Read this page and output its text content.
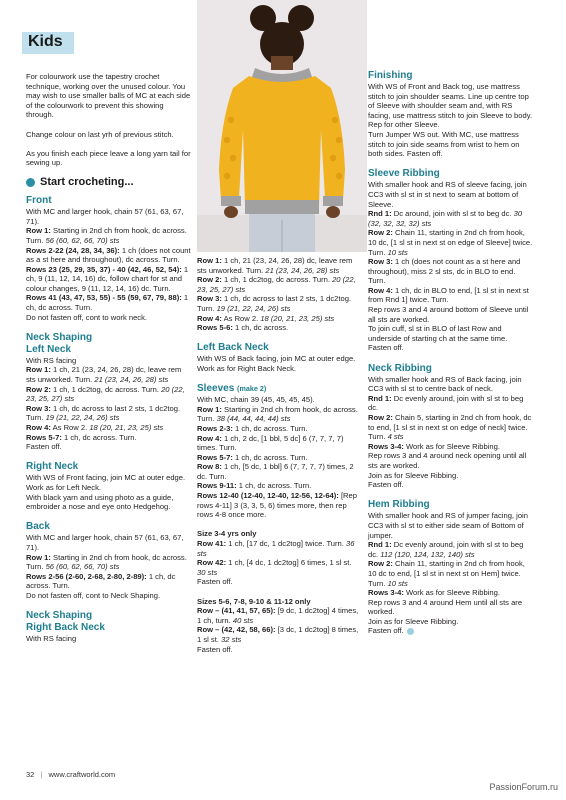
Kids

For colourwork use the tapestry crochet technique, working over the unused colour. You may wish to use smaller balls of MC at each side of the colourwork to prevent this showing through.

Change colour on last yrh of previous stitch.

As you finish each piece leave a long yarn tail for sewing up.

Start crocheting...
Front

With MC and larger hook, chain 57 (61, 63, 67, 71).

Row 1: Starting in 2nd ch from hook, dc across. Turn. 56 (60, 62, 66, 70) sts

Rows 2-22 (24, 28, 34, 36): 1 ch (does not count as a st here and throughout), dc across. Turn.

Rows 23 (25, 29, 35, 37) - 40 (42, 46, 52, 54): 1 ch, 9 (11, 12, 14, 16) dc, follow chart for st and colour changes, 9 (11, 12, 14, 16) dc. Turn.

Rows 41 (43, 47, 53, 55) - 55 (59, 67, 79, 88): 1 ch, dc across. Turn.

Do not fasten off, cont to work neck.

Neck Shaping
Left Neck

With RS facing

Row 1: 1 ch, 21 (23, 24, 26, 28) dc, leave rem sts unworked. Turn. 21 (23, 24, 26, 28) sts

Row 2: 1 ch, 1 dc2tog, dc across. Turn. 20 (22, 23, 25, 27) sts

Row 3: 1 ch, dc across to last 2 sts, 1 dc2tog. Turn. 19 (21, 22, 24, 26) sts

Row 4: As Row 2. 18 (20, 21, 23, 25) sts

Rows 5-7: 1 ch, dc across. Turn.

Fasten off.

Right Neck

With WS of Front facing, join MC at outer edge. Work as for Left Neck.

With black yarn and using photo as a guide, embroider a nose and eye onto Hedgehog.

Back

With MC and larger hook, chain 57 (61, 63, 67, 71).

Row 1: Starting in 2nd ch from hook, dc across. Turn. 56 (60, 62, 66, 70) sts

Rows 2-56 (2-60, 2-68, 2-80, 2-89): 1 ch, dc across. Turn.

Do not fasten off, cont to Neck Shaping.

Neck Shaping
Right Back Neck

With RS facing

Row 1: 1 ch, 21 (23, 24, 26, 28) dc, leave rem sts unworked. Turn. 21 (23, 24, 26, 28) sts

Row 2: 1 ch, 1 dc2tog, dc across. Turn. 20 (22, 23, 25, 27) sts

Row 3: 1 ch, dc across to last 2 sts, 1 dc2tog. Turn. 19 (21, 22, 24, 26) sts

Row 4: As Row 2. 18 (20, 21, 23, 25) sts

Rows 5-6: 1 ch, dc across.

Left Back Neck

With WS of Back facing, join MC at outer edge.

Work as for Right Back Neck.

Sleeves (make 2)

With MC, chain 39 (45, 45, 45, 45).

Row 1: Starting in 2nd ch from hook, dc across. Turn. 38 (44, 44, 44, 44) sts

Rows 2-3: 1 ch, dc across. Turn.

Row 4: 1 ch, 2 dc, [1 bbl, 5 dc] 6 (7, 7, 7, 7) times. Turn.

Rows 5-7: 1 ch, dc across. Turn.

Row 8: 1 ch, [5 dc, 1 bbl] 6 (7, 7, 7, 7) times, 2 dc. Turn.

Rows 9-11: 1 ch, dc across. Turn.

Rows 12-40 (12-40, 12-40, 12-56, 12-64): [Rep rows 4-11] 3 (3, 3, 5, 6) times more, then rep rows 4-8 once more.

Size 3-4 yrs only

Row 41: 1 ch, [17 dc, 1 dc2tog] twice. Turn. 36 sts

Row 42: 1 ch, [4 dc, 1 dc2tog] 6 times, 1 sl st. 30 sts

Fasten off.

Sizes 5-6, 7-8, 9-10 & 11-12 only

Row – (41, 41, 57, 65): [9 dc, 1 dc2tog] 4 times, 1 ch, turn. 40 sts

Row – (42, 42, 58, 66): [3 dc, 1 dc2tog] 8 times, 1 sl st. 32 sts

Fasten off.

Finishing

With WS of Front and Back tog, use mattress stitch to join shoulder seams. Line up centre top of Sleeve with shoulder seam and, with RS facing, use mattress stitch to join Sleeve to body. Rep for other Sleeve.

Turn Jumper WS out. With MC, use mattress stitch to join side seams from wrist to hem on both sides. Fasten off.

Sleeve Ribbing

With smaller hook and RS of sleeve facing, join CC3 with sl st in st next to seam at bottom of Sleeve.

Rnd 1: Dc around, join with sl st to beg dc. 30 (32, 32, 32, 32) sts

Row 2: Chain 11, starting in 2nd ch from hook, 10 dc, [1 sl st in next st on edge of Sleeve] twice. Turn. 10 sts

Row 3: 1 ch (does not count as a st here and throughout), miss 2 sl sts, dc in BLO to end. Turn.

Row 4: 1 ch, dc in BLO to end, [1 sl st in next st from Rnd 1] twice. Turn.

Rep rows 3 and 4 around bottom of Sleeve until all sts are worked.

To join cuff, sl st in BLO of last Row and underside of starting ch at the same time.

Fasten off.

Neck Ribbing

With smaller hook and RS of Back facing, join CC3 with sl st to centre back of neck.

Rnd 1: Dc evenly around, join with sl st to beg dc.

Row 2: Chain 5, starting in 2nd ch from hook, dc to end, [1 sl st in next st on edge of neck] twice. Turn. 4 sts

Rows 3-4: Work as for Sleeve Ribbing.

Rep rows 3 and 4 around neck opening until all sts are worked.

Join as for Sleeve Ribbing.

Fasten off.

Hem Ribbing

With smaller hook and RS of jumper facing, join CC3 with sl st to either side seam of Bottom of jumper.

Rnd 1: Dc evenly around, join with sl st to beg dc. 112 (120, 124, 132, 140) sts

Row 2: Chain 11, starting in 2nd ch from hook, 10 dc to end, [1 sl st in next st on Hem] twice. Turn. 10 sts

Rows 3-4: Work as for Sleeve Ribbing.

Rep rows 3 and 4 around Hem until all sts are worked.

Join as for Sleeve Ribbing.

Fasten off.

32 | www.craftworld.com
PassionForum.ru
